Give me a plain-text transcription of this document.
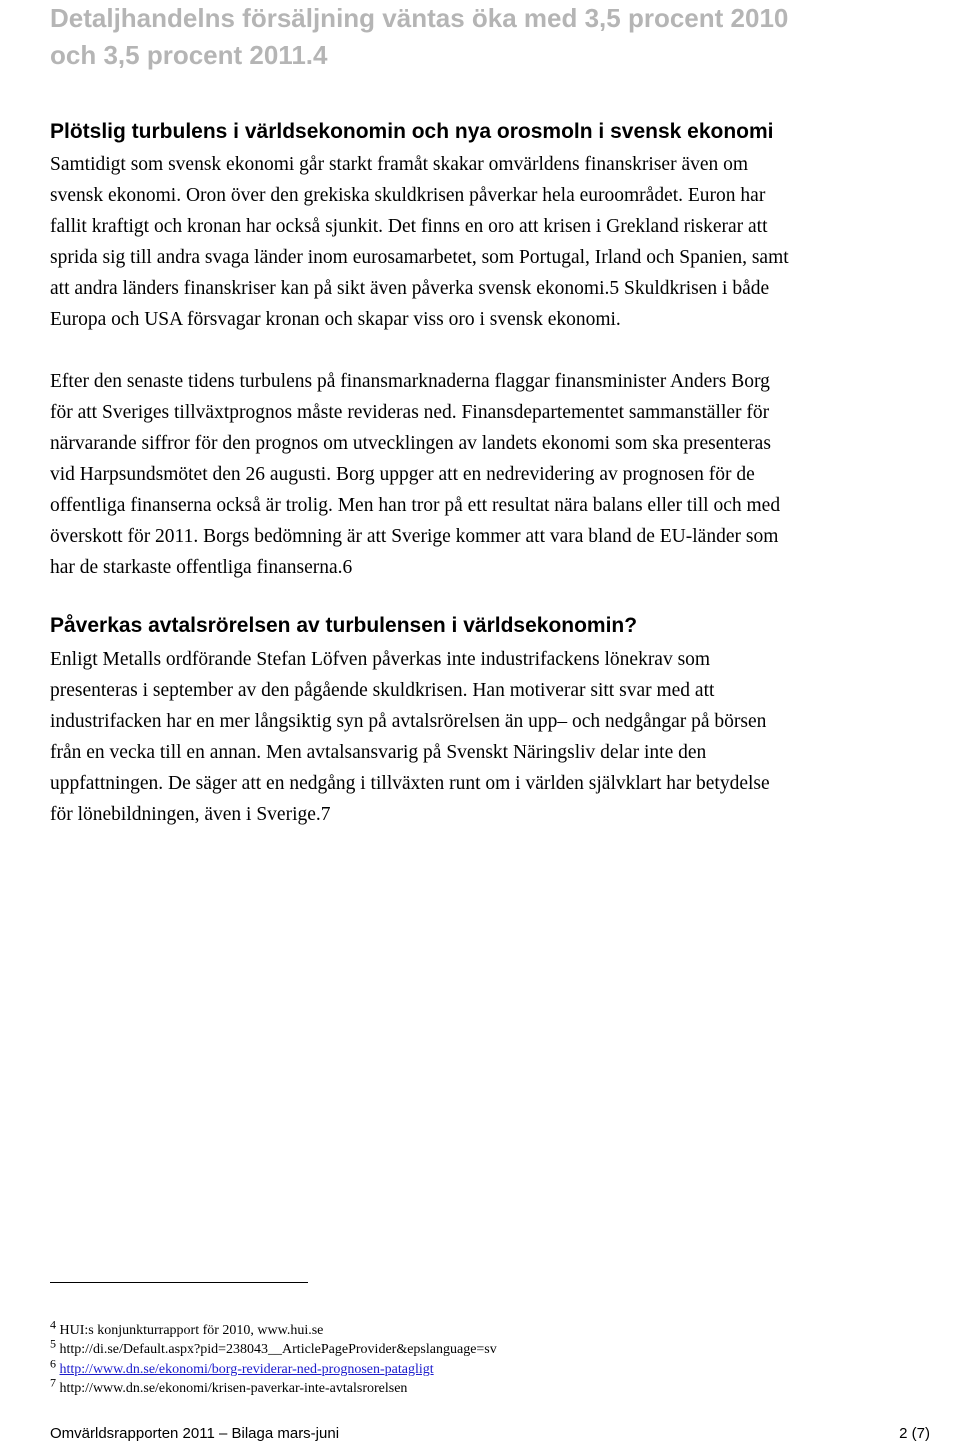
Detaljhandelns försäljning väntas öka med 3,5 procent 2010
och 3,5 procent 2011.4
Plötslig turbulens i världsekonomin och nya orosmoln i svensk ekonomi

Samtidigt som svensk ekonomi går starkt framåt skakar omvärldens finanskriser även om
svensk ekonomi. Oron över den grekiska skuldkrisen påverkar hela euroområdet. Euron har
fallit kraftigt och kronan har också sjunkit. Det finns en oro att krisen i Grekland riskerar att
sprida sig till andra svaga länder inom eurosamarbetet, som Portugal, Irland och Spanien, samt
att andra länders finanskriser kan på sikt även påverka svensk ekonomi.5 Skuldkrisen i både
Europa och USA försvagar kronan och skapar viss oro i svensk ekonomi.

Efter den senaste tidens turbulens på finansmarknaderna flaggar finansminister Anders Borg
för att Sveriges tillväxtprognos måste revideras ned. Finansdepartementet sammanställer för
närvarande siffror för den prognos om utvecklingen av landets ekonomi som ska presenteras
vid Harpsundsmötet den 26 augusti. Borg uppger att en nedrevidering av prognosen för de
offentliga finanserna också är trolig. Men han tror på ett resultat nära balans eller till och med
överskott för 2011. Borgs bedömning är att Sverige kommer att vara bland de EU-länder som
har de starkaste offentliga finanserna.6

Påverkas avtalsrörelsen av turbulensen i världsekonomin?

Enligt Metalls ordförande Stefan Löfven påverkas inte industrifackens lönekrav som
presenteras i september av den pågående skuldkrisen. Han motiverar sitt svar med att
industrifacken har en mer långsiktig syn på avtalsrörelsen än upp– och nedgångar på börsen
från en vecka till en annan. Men avtalsansvarig på Svenskt Näringsliv delar inte den
uppfattningen. De säger att en nedgång i tillväxten runt om i världen självklart har betydelse
för lönebildningen, även i Sverige.7

4 HUI:s konjunkturrapport för 2010, www.hui.se

5 http://di.se/Default.aspx?pid=238043__ArticlePageProvider&epslanguage=sv

6 http://www.dn.se/ekonomi/borg-reviderar-ned-prognosen-patagligt

7 http://www.dn.se/ekonomi/krisen-paverkar-inte-avtalsrorelsen

Omvärldsrapporten 2011 – Bilaga mars-juni	2 (7)
